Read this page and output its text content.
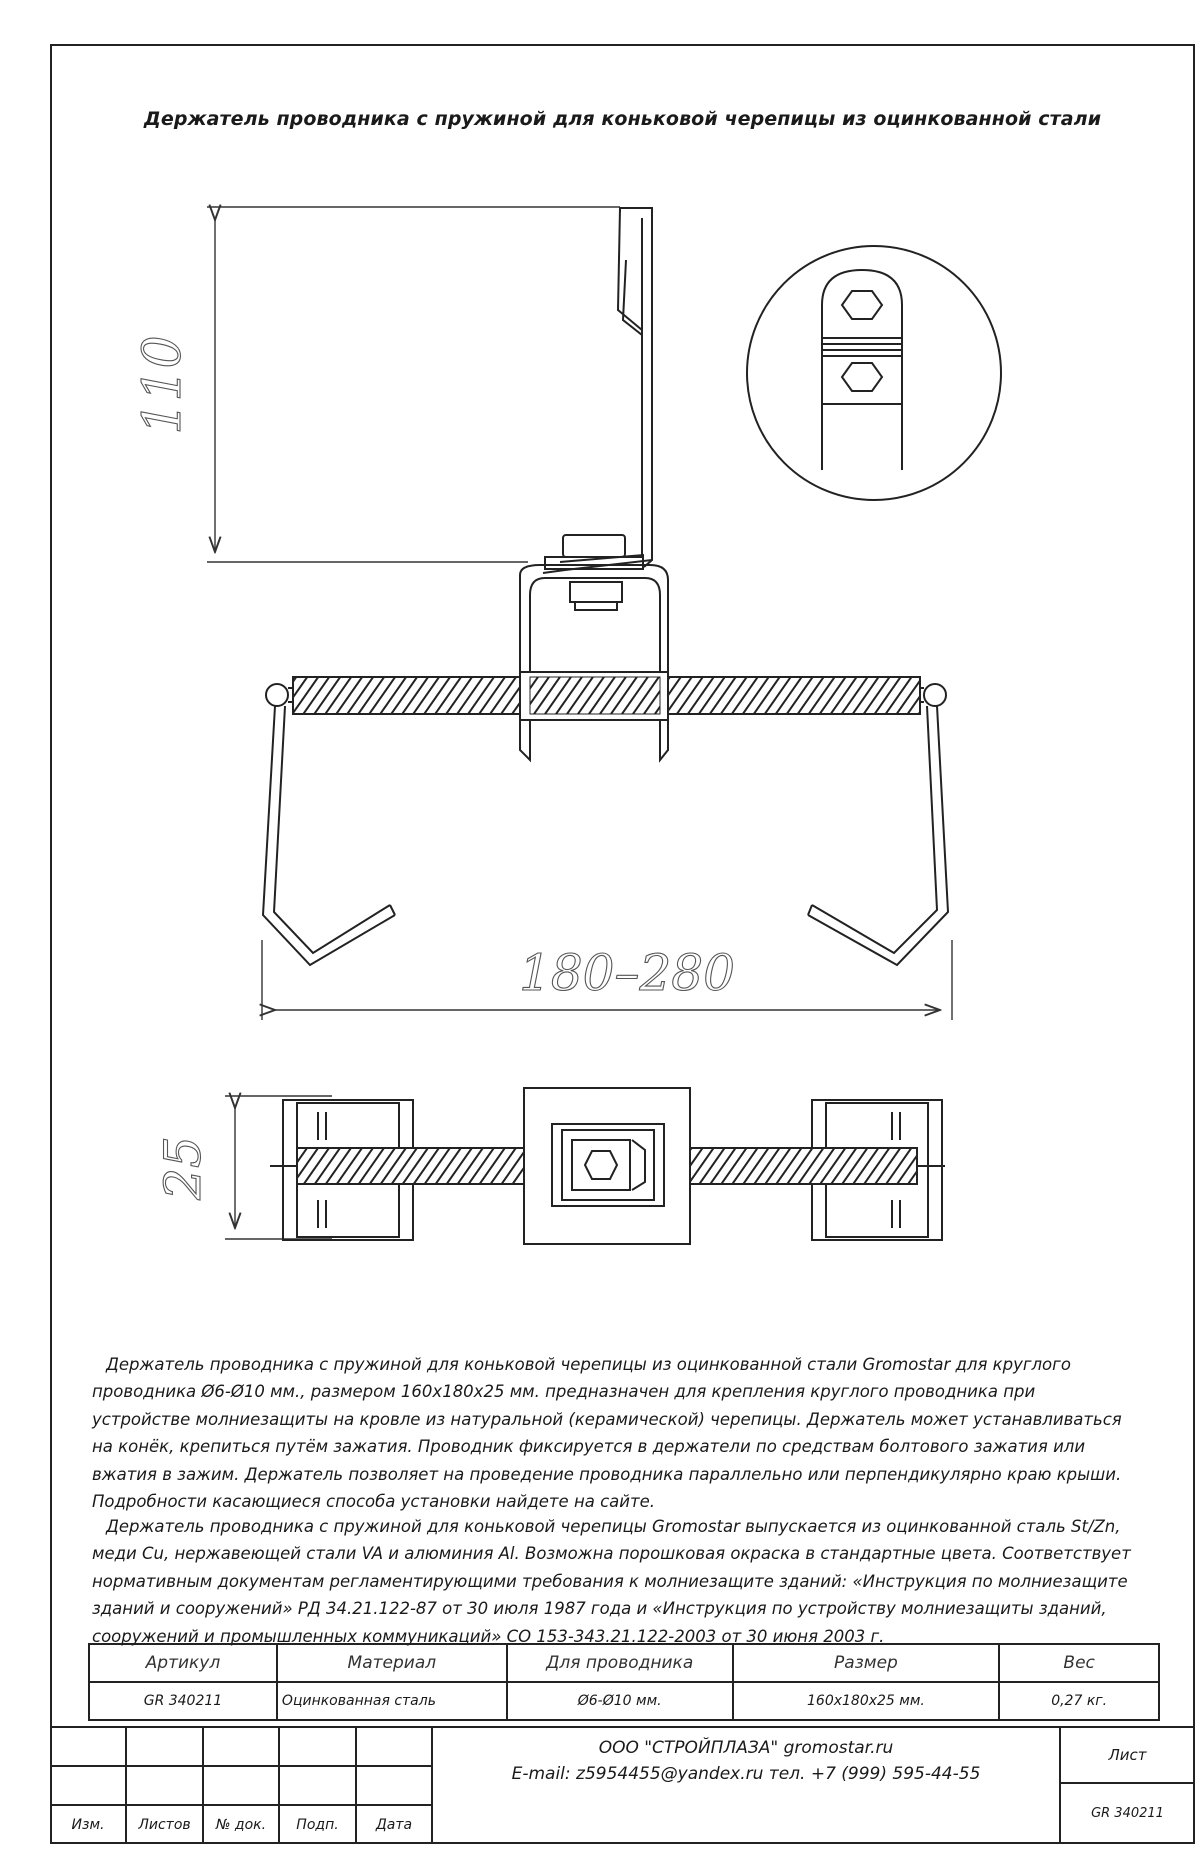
Держатель проводника с пружиной для коньковой черепицы из оцинкованной стали
110
180–280
25

Держатель проводника с пружиной для коньковой черепицы из оцинкованной стали Gromostar для круглого проводника Ø6-Ø10 мм., размером 160х180х25 мм. предназначен для крепления круглого проводника при устройстве молниезащиты на кровле из натуральной (керамической) черепицы. Держатель может устанавливаться на конёк, крепиться путём зажатия. Проводник фиксируется в держатели по средствам болтового зажатия или вжатия в зажим. Держатель позволяет на проведение проводника параллельно или перпендикулярно краю крыши. Подробности касающиеся способа установки найдете на сайте.

Держатель проводника с пружиной для коньковой черепицы Gromostar выпускается из оцинкованной сталь St/Zn, меди Cu, нержавеющей стали VA и алюминия Al. Возможна порошковая окраска в стандартные цвета. Соответствует нормативным документам регламентирующими требования к молниезащите зданий: «Инструкция по молниезащите зданий и сооружений» РД 34.21.122-87 от 30 июля 1987 года и «Инструкция по устройству молниезащиты зданий, сооружений и промышленных коммуникаций» СО 153-343.21.122-2003 от 30 июня 2003 г.

Артикул	Материал	Для проводника	Размер	Вес
GR 340211	Оцинкованная сталь	Ø6-Ø10 мм.	160х180х25 мм.	0,27 кг.
Изм.	Листов	№ док.	Подп.	Дата
ООО "СТРОЙПЛАЗА" gromostar.ru
E-mail: z5954455@yandex.ru тел. +7 (999) 595-44-55
Лист
GR 340211
